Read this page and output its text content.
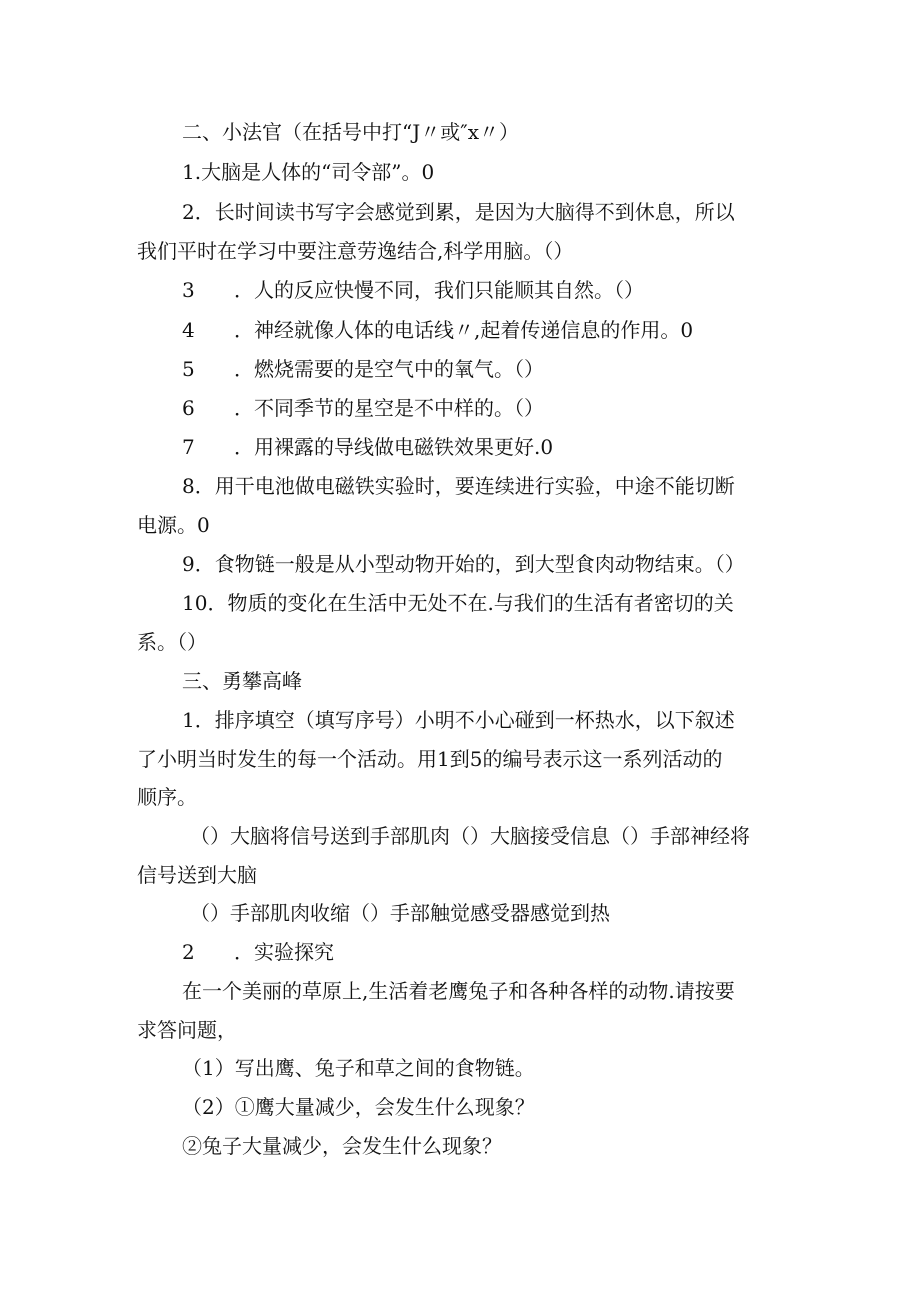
二、小法官（在括号中打“J〃或″x〃）
1.大脑是人体的“司令部”。0
2．长时间读书写字会感觉到累，是因为大脑得不到休息，所以
我们平时在学习中要注意劳逸结合,科学用脑。（）
3 ．人的反应快慢不同，我们只能顺其自然。（）
4 ．神经就像人体的电话线〃,起着传递信息的作用。0
5 ．燃烧需要的是空气中的氧气。（）
6 ．不同季节的星空是不中样的。（）
7 ．用裸露的导线做电磁铁效果更好.0
8．用干电池做电磁铁实验时，要连续进行实验，中途不能切断
电源。0
9．食物链一般是从小型动物开始的，到大型食肉动物结束。（）
10．物质的变化在生活中无处不在.与我们的生活有者密切的关
系。（）
三、勇攀高峰
1．排序填空（填写序号）小明不小心碰到一杯热水，以下叙述
了小明当时发生的每一个活动。用1到5的编号表示这一系列活动的
顺序。
（）大脑将信号送到手部肌肉（）大脑接受信息（）手部神经将
信号送到大脑
（）手部肌肉收缩（）手部触觉感受器感觉到热
2 ．实验探究
在一个美丽的草原上,生活着老鹰兔子和各种各样的动物.请按要
求答问题，
（1）写出鹰、兔子和草之间的食物链。
（2）①鹰大量减少，会发生什么现象？
②兔子大量减少，会发生什么现象？
